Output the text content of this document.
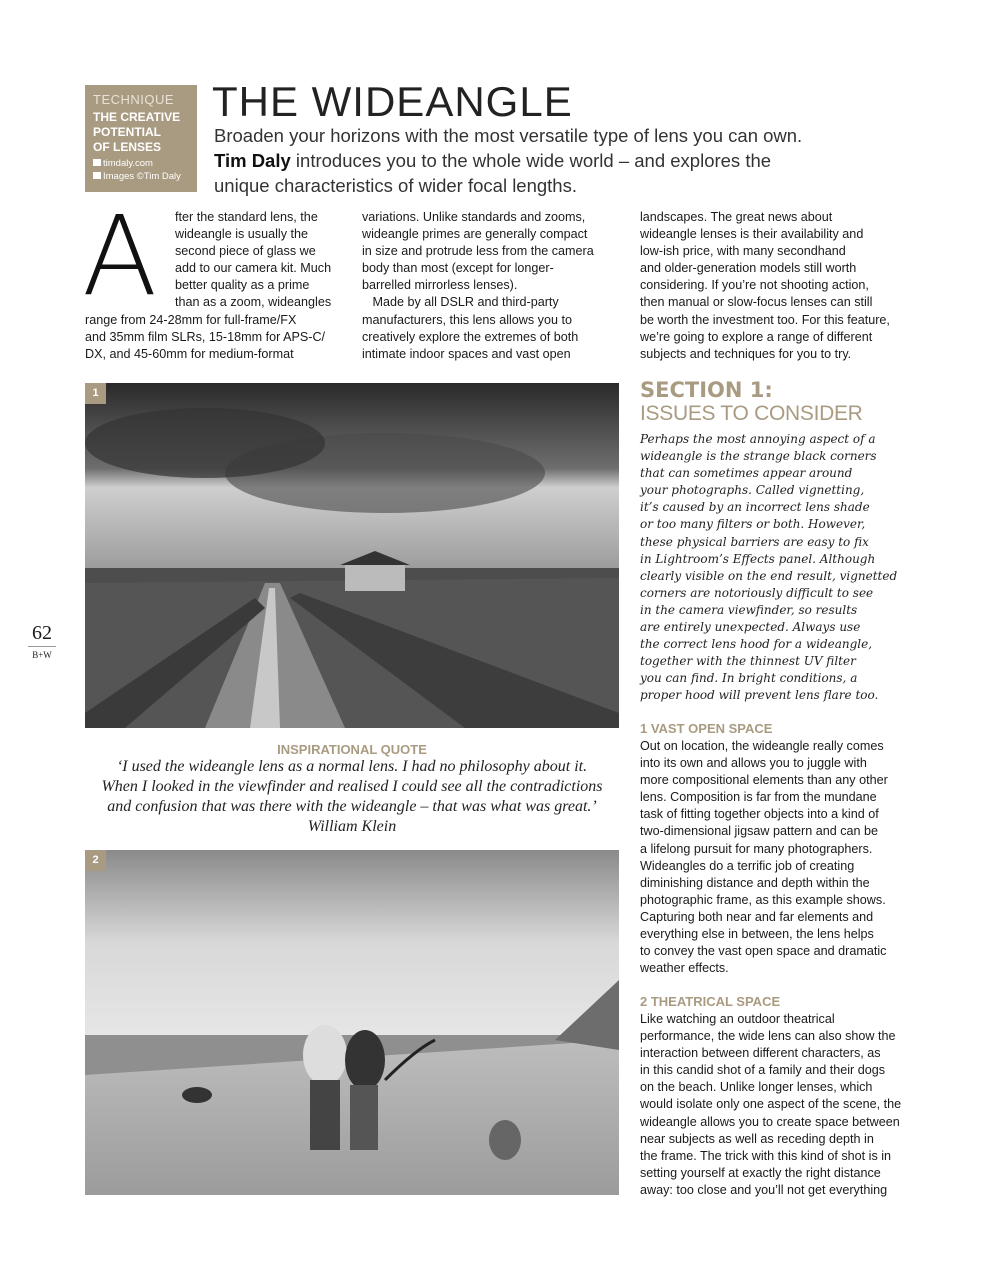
TECHNIQUE
THE CREATIVE
POTENTIAL
OF LENSES
timdaly.com
Images ©Tim Daly
THE WIDEANGLE
Broaden your horizons with the most versatile type of lens you can own.
Tim Daly introduces you to the whole wide world – and explores the
unique characteristics of wider focal lengths.
A	fter the standard lens, the
wideangle is usually the
second piece of glass we
add to our camera kit. Much
better quality as a prime
than as a zoom, wideangles
range from 24-28mm for full-frame/FX
and 35mm film SLRs, 15-18mm for APS-C/
DX, and 45-60mm for medium-format
variations. Unlike standards and zooms,
wideangle primes are generally compact
in size and protrude less from the camera
body than most (except for longer-
barrelled mirrorless lenses).
Made by all DSLR and third-party
manufacturers, this lens allows you to
creatively explore the extremes of both
intimate indoor spaces and vast open
landscapes. The great news about
wideangle lenses is their availability and
low-ish price, with many secondhand
and older-generation models still worth
considering. If you’re not shooting action,
then manual or slow-focus lenses can still
be worth the investment too. For this feature,
we’re going to explore a range of different
subjects and techniques for you to try.
1
INSPIRATIONAL QUOTE
‘I used the wideangle lens as a normal lens. I had no philosophy about it.
When I looked in the viewfinder and realised I could see all the contradictions
and confusion that was there with the wideangle – that was what was great.’
William Klein
2
SECTION 1:
ISSUES TO CONSIDER
Perhaps the most annoying aspect of a
wideangle is the strange black corners
that can sometimes appear around
your photographs. Called vignetting,
it’s caused by an incorrect lens shade
or too many filters or both. However,
these physical barriers are easy to fix
in Lightroom’s Effects panel. Although
clearly visible on the end result, vignetted
corners are notoriously difficult to see
in the camera viewfinder, so results
are entirely unexpected. Always use
the correct lens hood for a wideangle,
together with the thinnest UV filter
you can find. In bright conditions, a
proper hood will prevent lens flare too.
1 VAST OPEN SPACE
Out on location, the wideangle really comes
into its own and allows you to juggle with
more compositional elements than any other
lens. Composition is far from the mundane
task of fitting together objects into a kind of
two-dimensional jigsaw pattern and can be
a lifelong pursuit for many photographers.
Wideangles do a terrific job of creating
diminishing distance and depth within the
photographic frame, as this example shows.
Capturing both near and far elements and
everything else in between, the lens helps
to convey the vast open space and dramatic
weather effects.
2 THEATRICAL SPACE
Like watching an outdoor theatrical
performance, the wide lens can also show the
interaction between different characters, as
in this candid shot of a family and their dogs
on the beach. Unlike longer lenses, which
would isolate only one aspect of the scene, the
wideangle allows you to create space between
near subjects as well as receding depth in
the frame. The trick with this kind of shot is in
setting yourself at exactly the right distance
away: too close and you’ll not get everything
62
B+W
